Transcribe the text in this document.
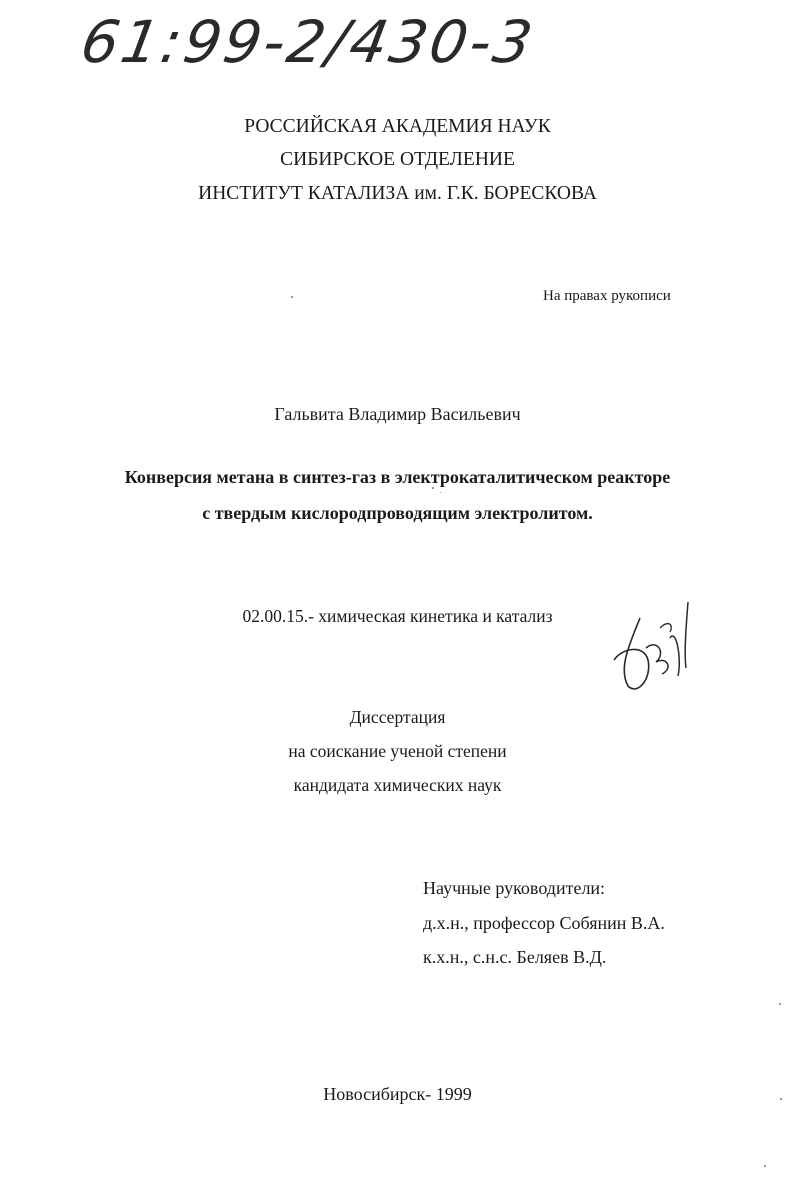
61:99-2/430-3
РОССИЙСКАЯ АКАДЕМИЯ НАУК
СИБИРСКОЕ ОТДЕЛЕНИЕ
ИНСТИТУТ КАТАЛИЗА им. Г.К. БОРЕСКОВА
На правах рукописи
Гальвита Владимир Васильевич
Конверсия метана в синтез-газ в электрокаталитическом реакторе
с твердым кислородпроводящим электролитом.
02.00.15.- химическая кинетика и катализ
Диссертация
на соискание ученой степени
кандидата химических наук
Научные руководители:
д.х.н., профессор Собянин В.А.
к.х.н., с.н.с. Беляев В.Д.
Новосибирск- 1999
